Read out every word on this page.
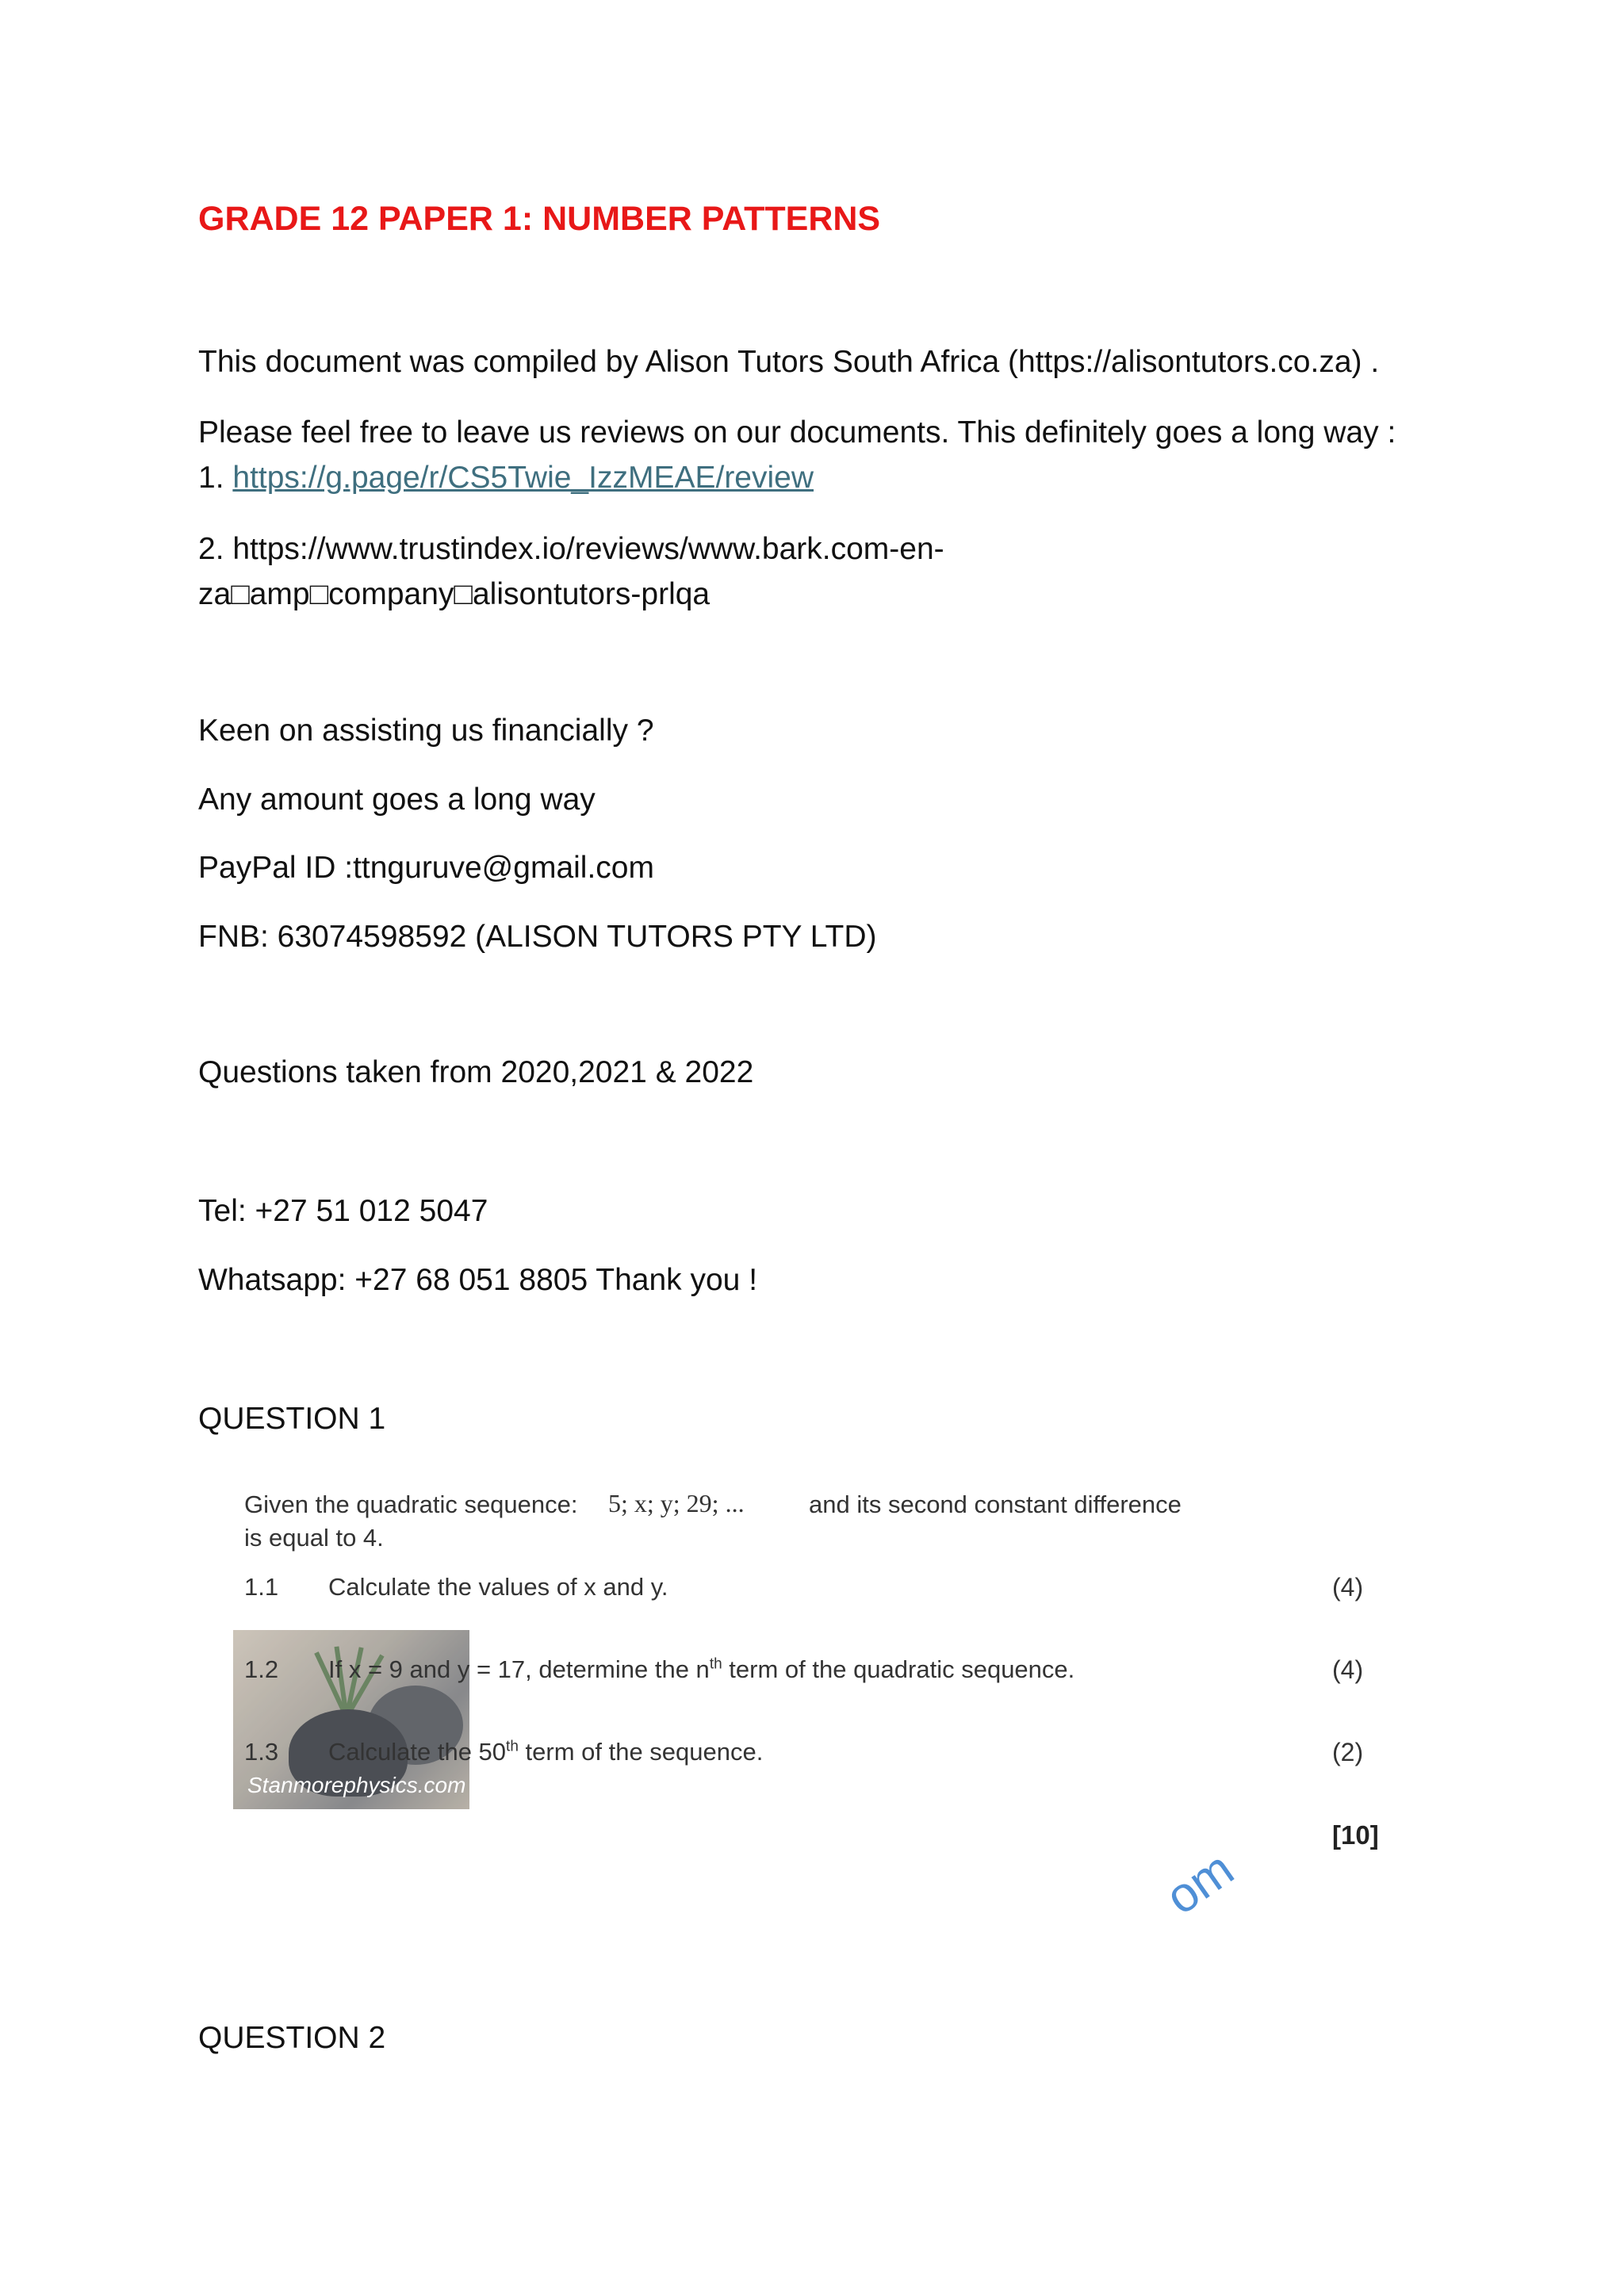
GRADE 12 PAPER 1: NUMBER PATTERNS
This document was compiled by Alison Tutors South Africa (https://alisontutors.co.za) .
Please feel free to leave us reviews on our documents. This definitely goes a long way :
1. https://g.page/r/CS5Twie_IzzMEAE/review
2. https://www.trustindex.io/reviews/www.bark.com-en-
za□amp□company□alisontutors-prlqa
Keen on assisting us financially ?
Any amount goes a long way
PayPal ID :ttnguruve@gmail.com
FNB: 63074598592 (ALISON TUTORS PTY LTD)
Questions taken from 2020,2021 & 2022
Tel: +27 51 012 5047
Whatsapp: +27 68 051 8805 Thank you !
QUESTION 1
Given the quadratic sequence: 5; x; y; 29; ...	and its second constant difference
is equal to 4.
1.1 Calculate the values of x and y.	(4)
Stanmorephysics.com
1.2 If x = 9 and y = 17, determine the $n^{th}$ term of the quadratic sequence.	(4)
1.3 Calculate the 50th term of the sequence.	(2)
[10]
om
QUESTION 2
